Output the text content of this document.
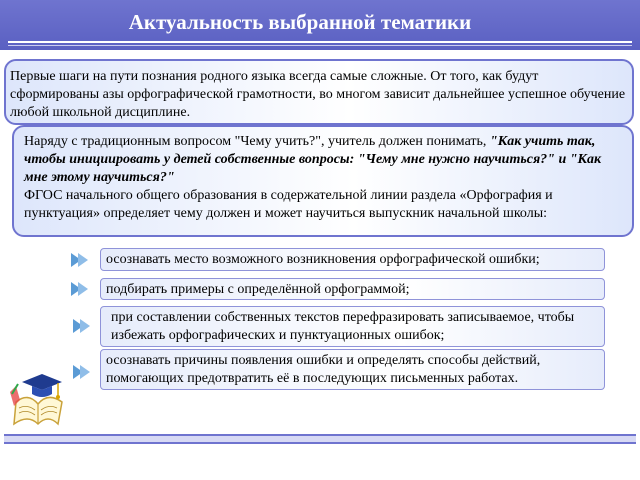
Актуальность выбранной тематики
Первые шаги на пути познания родного языка всегда самые сложные. От того, как будут сформированы азы орфографической грамотности, во многом зависит дальнейшее успешное обучение любой школьной дисциплине.
Наряду с традиционным вопросом "Чему учить?", учитель должен понимать, "Как учить так, чтобы инициировать у детей собственные вопросы: "Чему мне нужно научиться?" и "Как мне этому научиться?"
ФГОС начального общего образования в содержательной линии раздела «Орфография и пунктуация» определяет чему должен и может научиться выпускник начальной школы:
осознавать место возможного возникновения орфографической ошибки;
подбирать примеры с определённой орфограммой;
при составлении собственных текстов перефразировать записываемое, чтобы избежать орфографических и пунктуационных ошибок;
осознавать причины появления ошибки и определять способы действий, помогающих предотвратить её в последующих письменных работах.
